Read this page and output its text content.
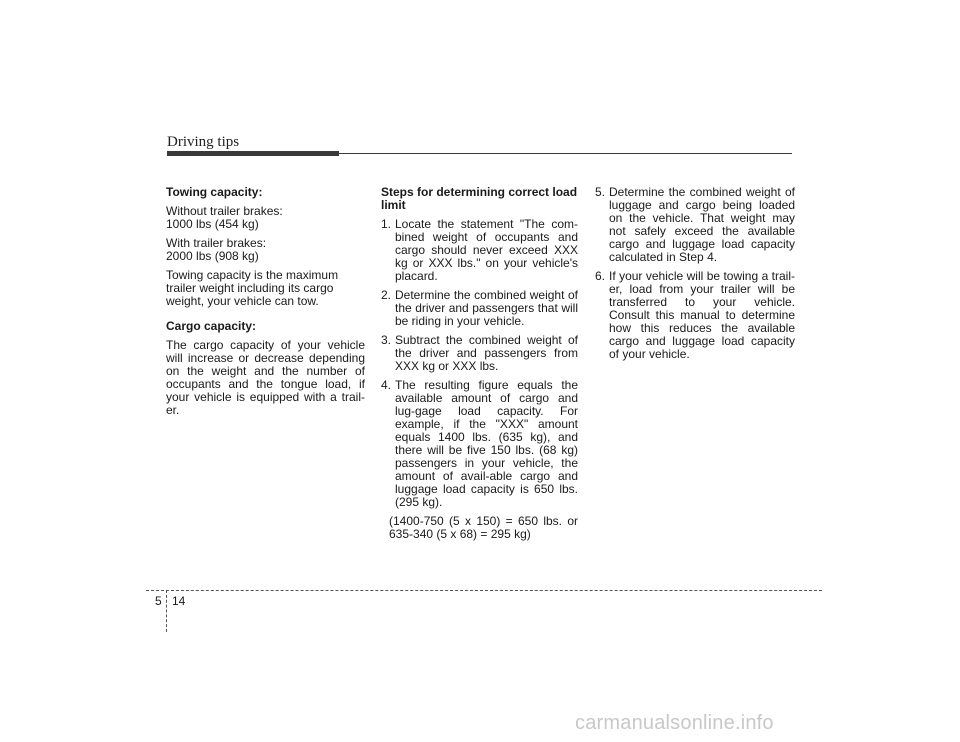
Driving tips
Towing capacity:

Without trailer brakes:
1000 lbs (454 kg)

With trailer brakes:
2000 lbs (908 kg)

Towing capacity is the maximum trailer weight including its cargo weight, your vehicle can tow.

Cargo capacity:

The cargo capacity of your vehicle will increase or decrease depending on the weight and the number of occupants and the tongue load, if your vehicle is equipped with a trail-er.

Steps for determining correct load limit
1. Locate the statement "The com-bined weight of occupants and cargo should never exceed XXX kg or XXX lbs." on your vehicle's placard.
2. Determine the combined weight of the driver and passengers that will be riding in your vehicle.
3. Subtract the combined weight of the driver and passengers from XXX kg or XXX lbs.
4. The resulting figure equals the available amount of cargo and lug-gage load capacity. For example, if the "XXX" amount equals 1400 lbs. (635 kg), and there will be five 150 lbs. (68 kg) passengers in your vehicle, the amount of avail-able cargo and luggage load capacity is 650 lbs. (295 kg).

(1400-750 (5 x 150) = 650 lbs. or 635-340 (5 x 68) = 295 kg)

5. Determine the combined weight of luggage and cargo being loaded on the vehicle. That weight may not safely exceed the available cargo and luggage load capacity calculated in Step 4.
6. If your vehicle will be towing a trail-er, load from your trailer will be transferred to your vehicle. Consult this manual to determine how this reduces the available cargo and luggage load capacity of your vehicle.
5 14
carmanualsonline.info
